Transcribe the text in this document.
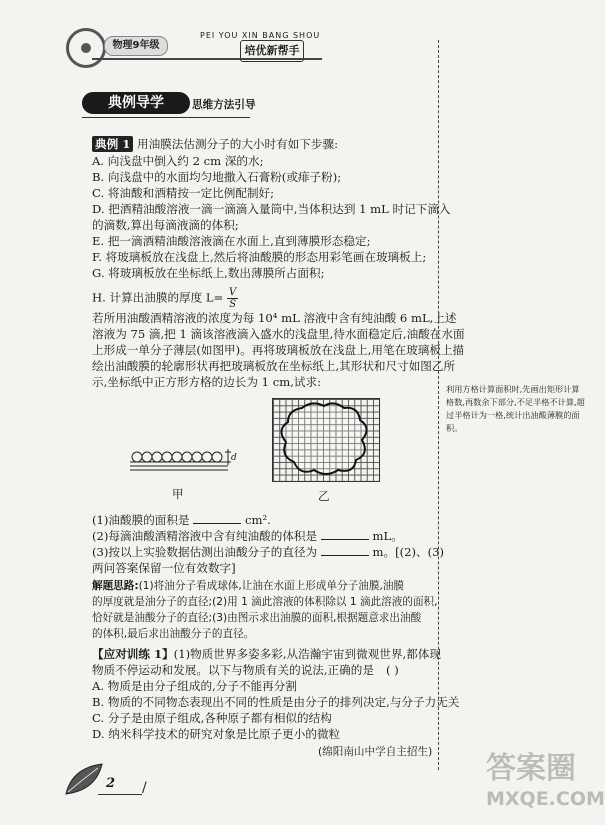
物理9年级
PEI YOU XIN BANG SHOU
培优新帮手
典例导学	思维方法引导
典例 1 用油膜法估测分子的大小时有如下步骤:
A. 向浅盘中倒入约 2 cm 深的水;
B. 向浅盘中的水面均匀地撒入石膏粉(或痱子粉);
C. 将油酸和酒精按一定比例配制好;
D. 把酒精油酸溶液一滴一滴滴入量筒中,当体积达到 1 mL 时记下滴入
的滴数,算出每滴液滴的体积;
E. 把一滴酒精油酸溶液滴在水面上,直到薄膜形态稳定;
F. 将玻璃板放在浅盘上,然后将油酸膜的形态用彩笔画在玻璃板上;
G. 将玻璃板放在坐标纸上,数出薄膜所占面积;
H. 计算出油膜的厚度 $L= \frac{V}{S}$
若所用油酸酒精溶液的浓度为每 10⁴ mL 溶液中含有纯油酸 6 mL,上述
溶液为 75 滴,把 1 滴该溶液滴入盛水的浅盘里,待水面稳定后,油酸在水面
上形成一单分子薄层(如图甲)。再将玻璃板放在浅盘上,用笔在玻璃板上描
绘出油酸膜的轮廓形状再把玻璃板放在坐标纸上,其形状和尺寸如图乙所
示,坐标纸中正方形方格的边长为 1 cm,试求:
d
甲	乙
(1)油酸膜的面积是	cm².
(2)每滴油酸酒精溶液中含有纯油酸的体积是	mL。
(3)按以上实验数据估测出油酸分子的直径为	m。[(2)、(3)
两问答案保留一位有效数字]
解题思路:(1)将油分子看成球体,让油在水面上形成单分子油膜,油膜
的厚度就是油分子的直径;(2)用 1 滴此溶液的体积除以 1 滴此溶液的面积,
恰好就是油酸分子的直径;(3)由图示求出油膜的面积,根据题意求出油酸
的体积,最后求出油酸分子的直径。
【应对训练 1】(1)物质世界多姿多彩,从浩瀚宇宙到微观世界,都体现
物质不停运动和发展。以下与物质有关的说法,正确的是 ( )
A. 物质是由分子组成的,分子不能再分割
B. 物质的不同物态表现出不同的性质是由分子的排列决定,与分子力无关
C. 分子是由原子组成,各种原子都有相似的结构
D. 纳米科学技术的研究对象是比原子更小的微粒
(绵阳南山中学自主招生)
利用方格计算面积时,先画出矩形计算格数,再数余下部分,不足半格不计算,超过半格计为一格,统计出油酸薄膜的面积。
2 /
答案圈
MXQE.COM
